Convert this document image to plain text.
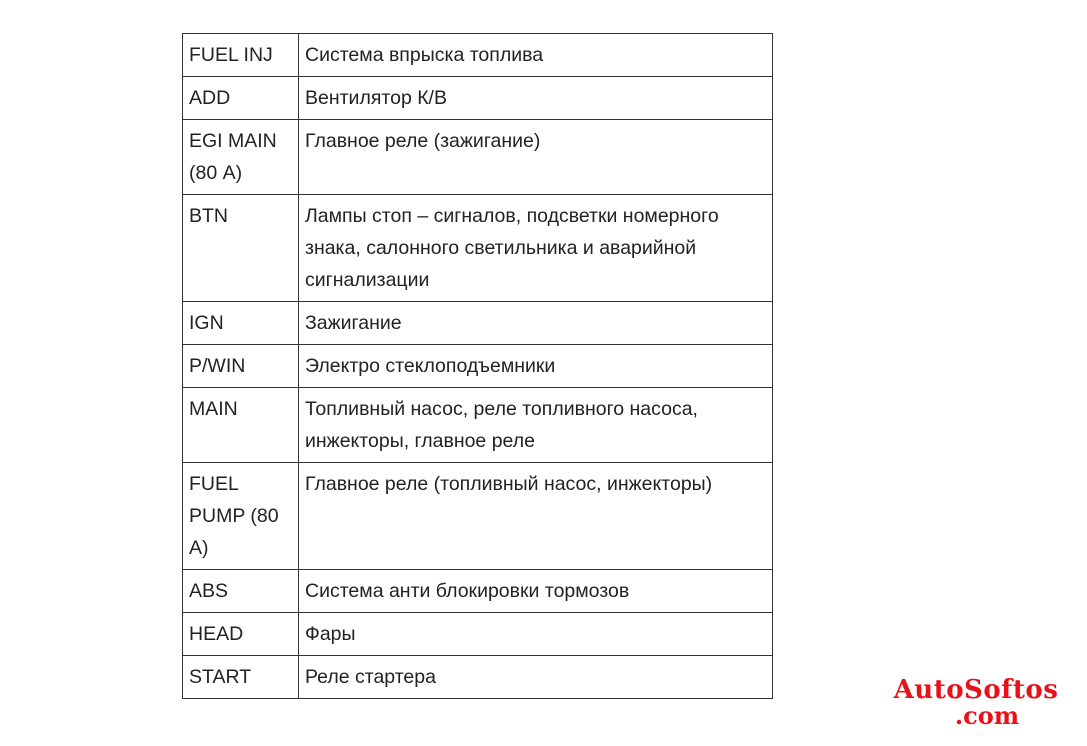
FUEL INJ	Система впрыска топлива
ADD	Вентилятор К/В
EGI MAIN (80 А)	Главное реле (зажигание)
BTN	Лампы стоп – сигналов, подсветки номерного знака, салонного светильника и аварийной сигнализации
IGN	Зажигание
P/WIN	Электро стеклоподъемники
MAIN	Топливный насос, реле топливного насоса, инжекторы, главное реле
FUEL PUMP (80 А)	Главное реле (топливный насос, инжекторы)
ABS	Система анти блокировки тормозов
HEAD	Фары
START	Реле стартера	AutoSoftos
.com
